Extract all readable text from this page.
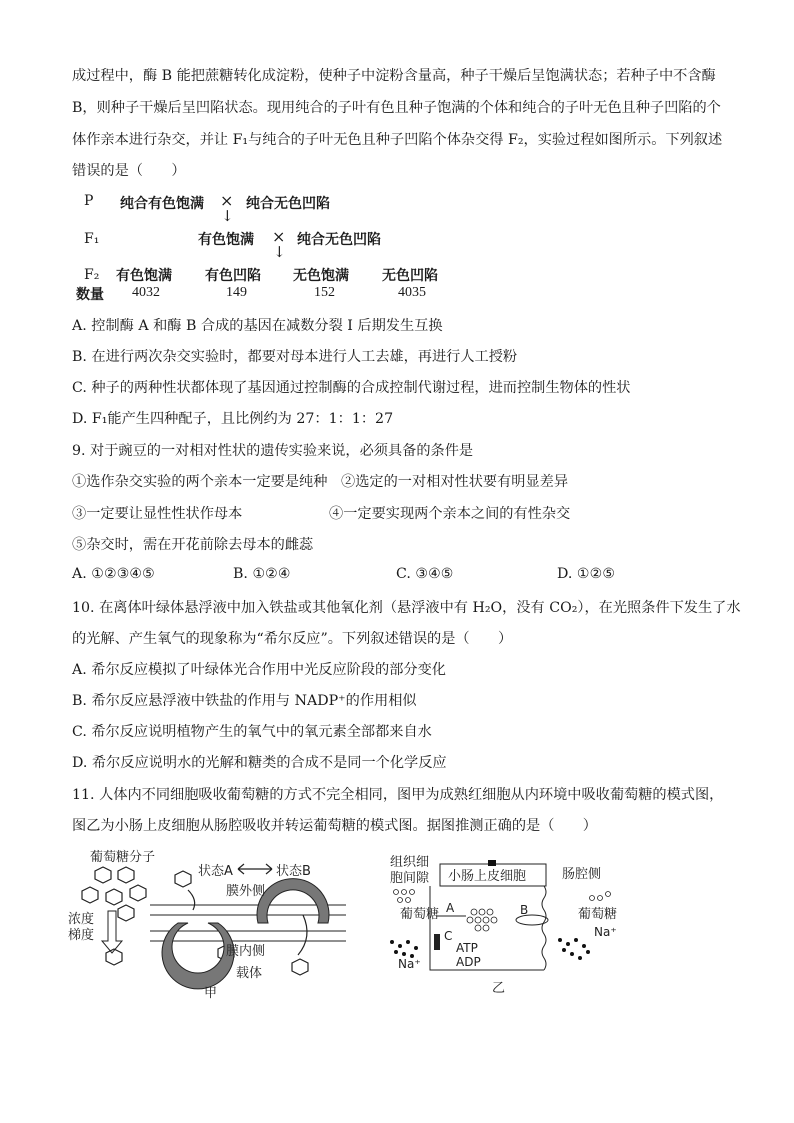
成过程中，酶 B 能把蔗糖转化成淀粉，使种子中淀粉含量高，种子干燥后呈饱满状态；若种子中不含酶
B，则种子干燥后呈凹陷状态。现用纯合的子叶有色且种子饱满的个体和纯合的子叶无色且种子凹陷的个
体作亲本进行杂交，并让 F₁与纯合的子叶无色且种子凹陷个体杂交得 F₂，实验过程如图所示。下列叙述
错误的是（　　）
P 纯合有色饱满 × 纯合无色凹陷
↓
F₁	有色饱满 × 纯合无色凹陷
↓
F₂ 有色饱满 有色凹陷 无色饱满 无色凹陷
数量 4032	149	152	4035
A. 控制酶 A 和酶 B 合成的基因在减数分裂 I 后期发生互换
B. 在进行两次杂交实验时，都要对母本进行人工去雄，再进行人工授粉
C. 种子的两种性状都体现了基因通过控制酶的合成控制代谢过程，进而控制生物体的性状
D. F₁能产生四种配子，且比例约为 27：1：1：27
9. 对于豌豆的一对相对性状的遗传实验来说，必须具备的条件是
①选作杂交实验的两个亲本一定要是纯种 ②选定的一对相对性状要有明显差异
③一定要让显性性状作母本	④一定要实现两个亲本之间的有性杂交
⑤杂交时，需在开花前除去母本的雌蕊
A. ①②③④⑤	B. ①②④	C. ③④⑤	D. ①②⑤
10. 在离体叶绿体悬浮液中加入铁盐或其他氧化剂（悬浮液中有 H₂O，没有 CO₂），在光照条件下发生了水
的光解、产生氧气的现象称为“希尔反应”。下列叙述错误的是（　　）
A. 希尔反应模拟了叶绿体光合作用中光反应阶段的部分变化
B. 希尔反应悬浮液中铁盐的作用与 NADP⁺的作用相似
C. 希尔反应说明植物产生的氧气中的氧元素全部都来自水
D. 希尔反应说明水的光解和糖类的合成不是同一个化学反应
11. 人体内不同细胞吸收葡萄糖的方式不完全相同，图甲为成熟红细胞从内环境中吸收葡萄糖的模式图，
图乙为小肠上皮细胞从肠腔吸收并转运葡萄糖的模式图。据图推测正确的是（　　）
葡萄糖分子
浓度
梯度
状态A	状态B
膜外侧
膜内侧
载体
甲
组织细
胞间隙 小肠上皮细胞	肠腔侧
葡萄糖	葡萄糖
A	B
C
ATP
ADP
Na⁺
Na⁺
乙
